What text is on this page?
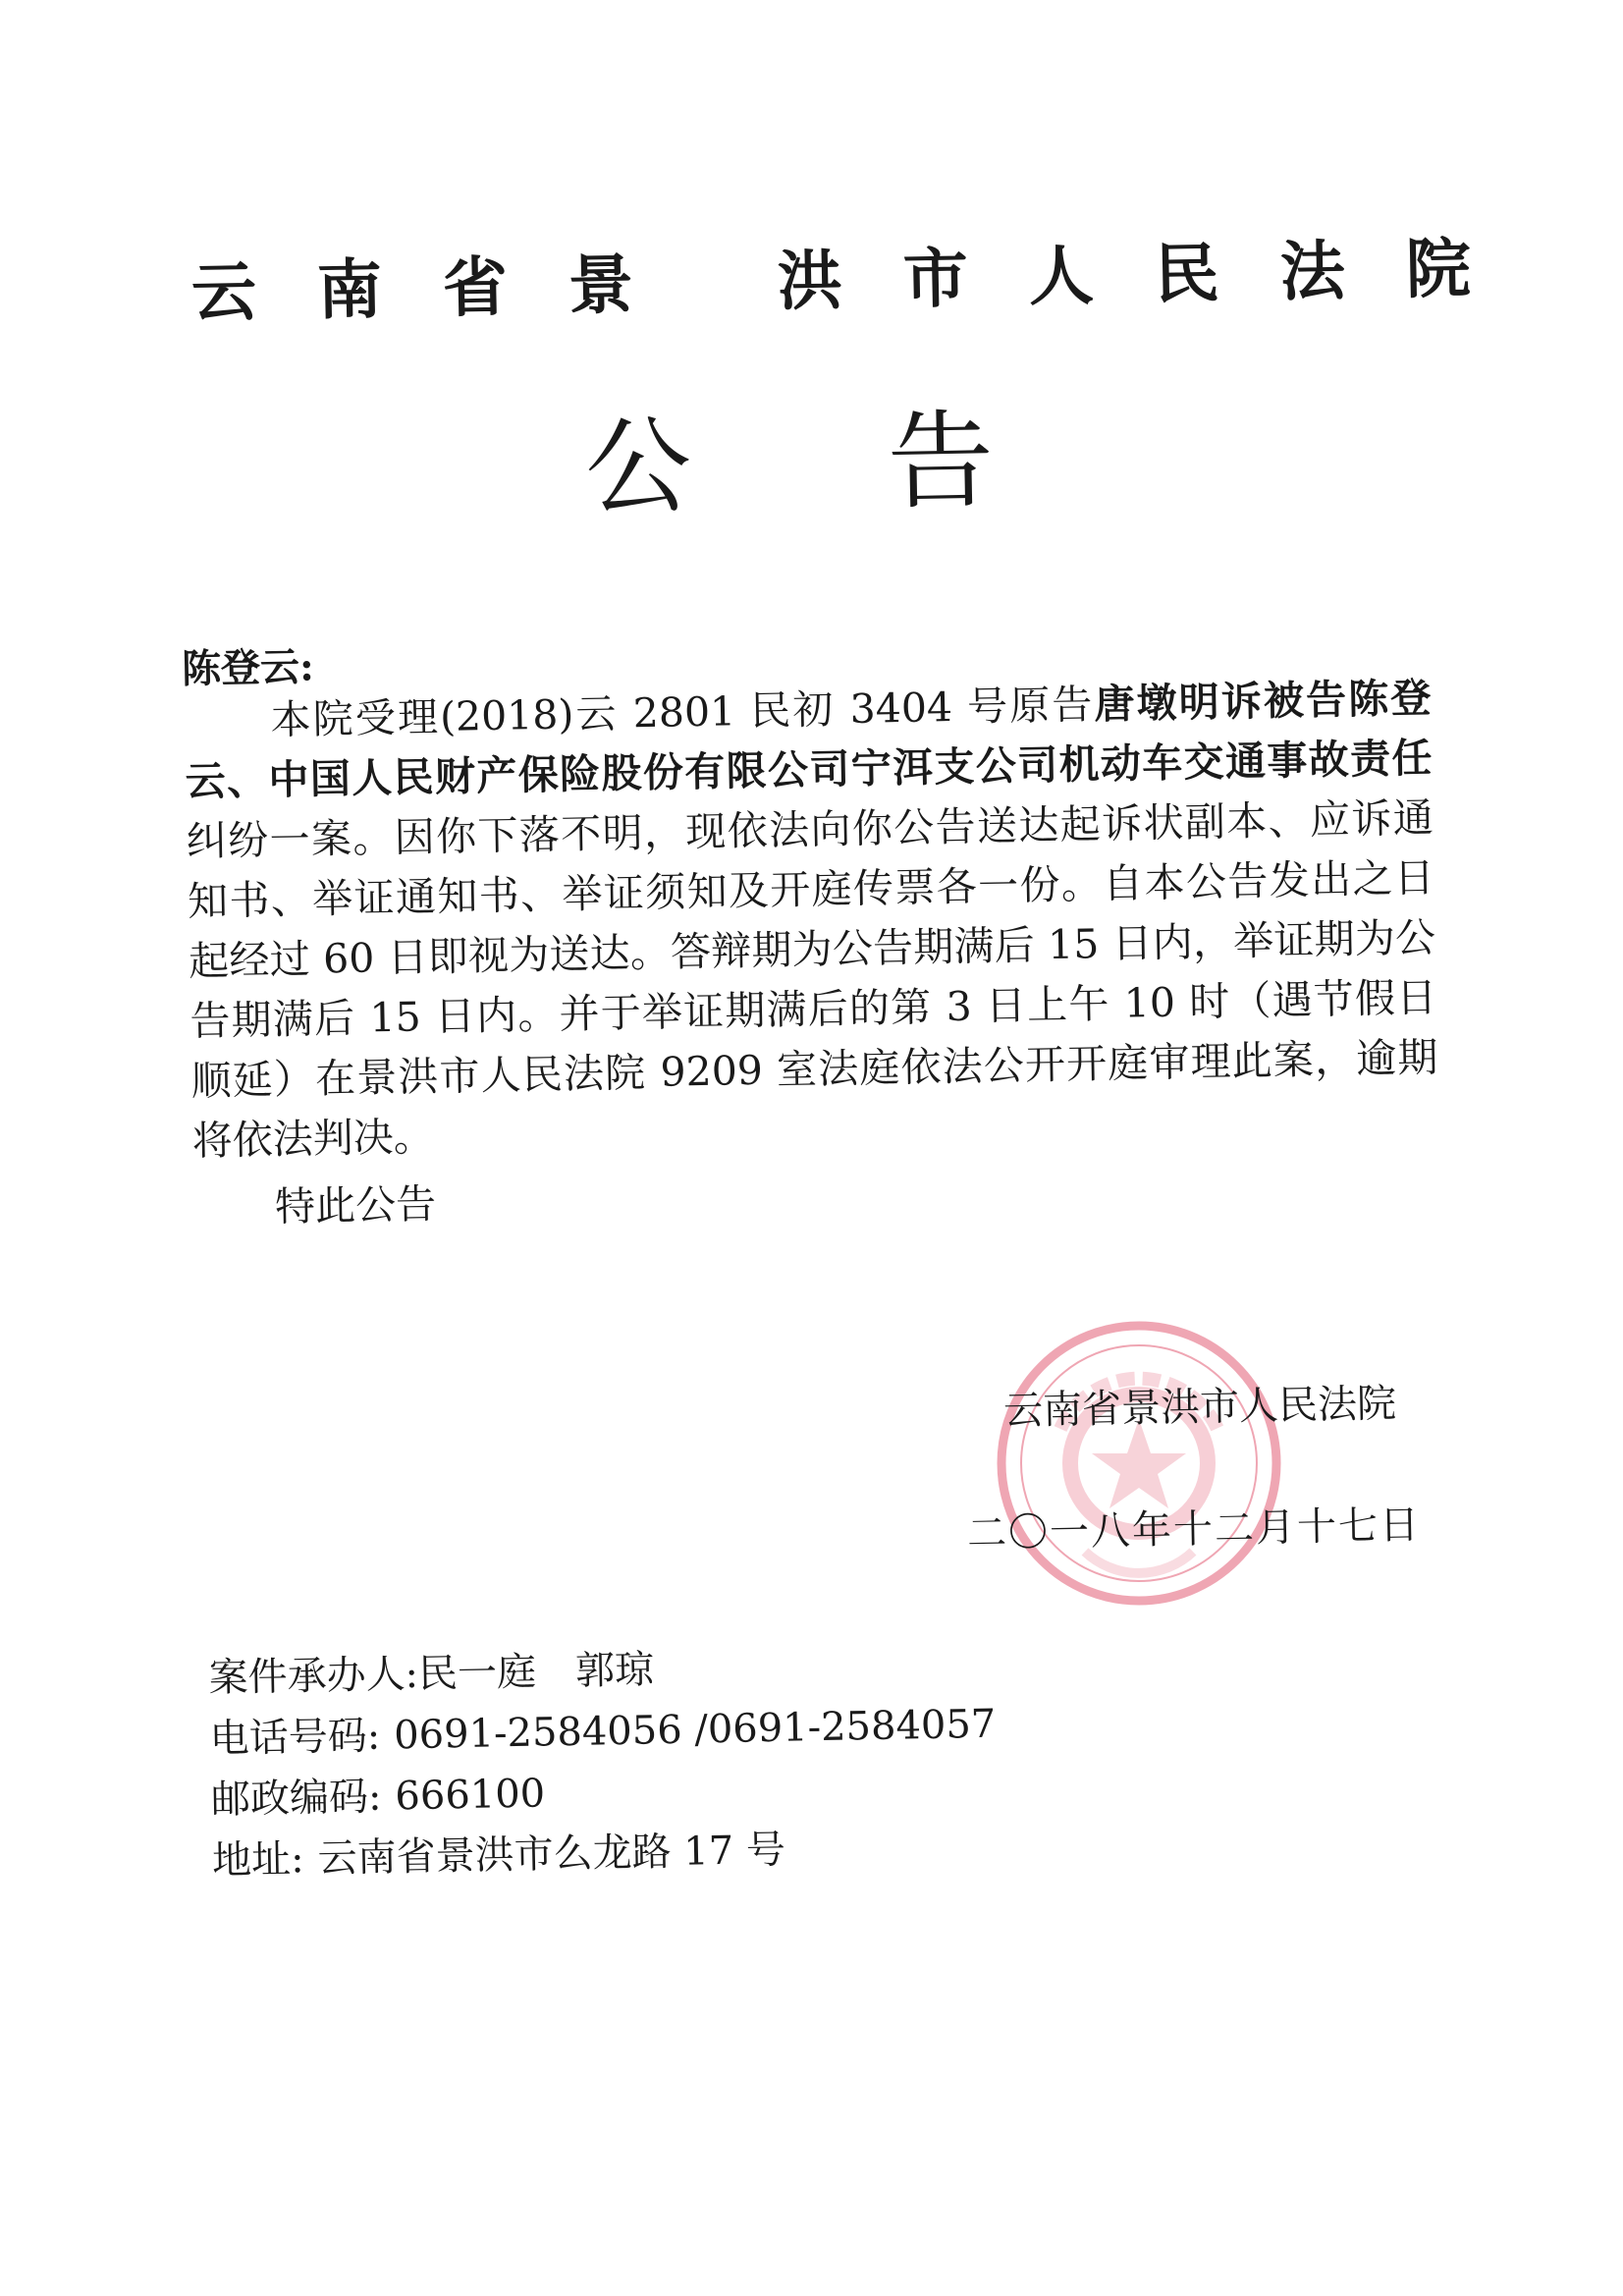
云南省景 洪市人民法院
公告
陈登云:
本院受理(2018)云 2801 民初 3404 号原告唐墩明诉被告陈登云、中国人民财产保险股份有限公司宁洱支公司机动车交通事故责任纠纷一案。因你下落不明，现依法向你公告送达起诉状副本、应诉通知书、举证通知书、举证须知及开庭传票各一份。自本公告发出之日起经过 60 日即视为送达。答辩期为公告期满后 15 日内，举证期为公告期满后 15 日内。并于举证期满后的第 3 日上午 10 时（遇节假日顺延）在景洪市人民法院 9209 室法庭依法公开开庭审理此案，逾期将依法判决。
特此公告
云南省景洪市人民法院
二〇一八年十二月十七日
案件承办人:民一庭　郭琼
电话号码: 0691-2584056 /0691-2584057
邮政编码: 666100
地址: 云南省景洪市么龙路 17 号
